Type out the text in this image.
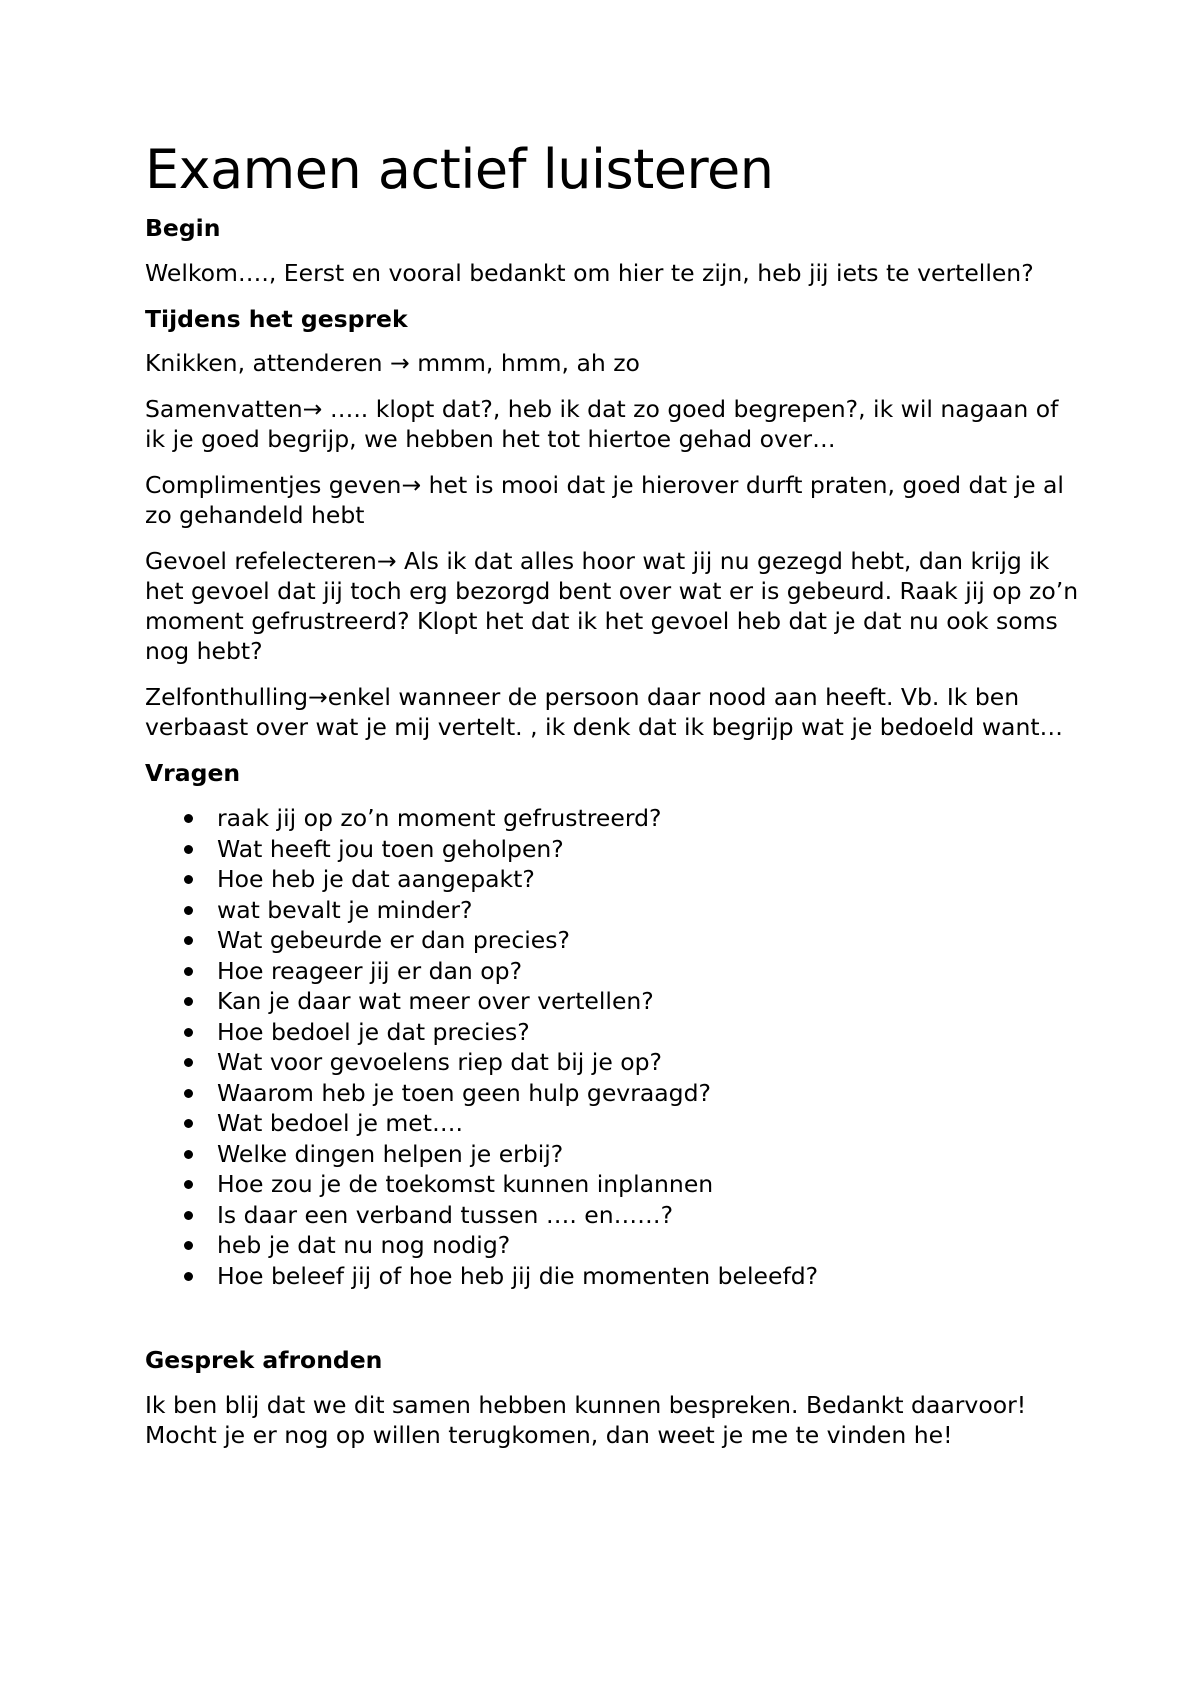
Examen actief luisteren
Begin

Welkom…., Eerst en vooral bedankt om hier te zijn, heb jij iets te vertellen?

Tijdens het gesprek

Knikken, attenderen → mmm, hmm, ah zo

Samenvatten→ ….. klopt dat?, heb ik dat zo goed begrepen?, ik wil nagaan of ik je goed begrijp, we hebben het tot hiertoe gehad over…

Complimentjes geven→ het is mooi dat je hierover durft praten, goed dat je al zo gehandeld hebt

Gevoel refelecteren→ Als ik dat alles hoor wat jij nu gezegd hebt, dan krijg ik het gevoel dat jij toch erg bezorgd bent over wat er is gebeurd. Raak jij op zo’n moment gefrustreerd? Klopt het dat ik het gevoel heb dat je dat nu ook soms nog hebt?

Zelfonthulling→enkel wanneer de persoon daar nood aan heeft. Vb. Ik ben verbaast over wat je mij vertelt. , ik denk dat ik begrijp wat je bedoeld want…

Vragen
raak jij op zo’n moment gefrustreerd?
Wat heeft jou toen geholpen?
Hoe heb je dat aangepakt?
wat bevalt je minder?
Wat gebeurde er dan precies?
Hoe reageer jij er dan op?
Kan je daar wat meer over vertellen?
Hoe bedoel je dat precies?
Wat voor gevoelens riep dat bij je op?
Waarom heb je toen geen hulp gevraagd?
Wat bedoel je met….
Welke dingen helpen je erbij?
Hoe zou je de toekomst kunnen inplannen
Is daar een verband tussen …. en……?
heb je dat nu nog nodig?
Hoe beleef jij of hoe heb jij die momenten beleefd?
Gesprek afronden

Ik ben blij dat we dit samen hebben kunnen bespreken. Bedankt daarvoor! Mocht je er nog op willen terugkomen, dan weet je me te vinden he!
